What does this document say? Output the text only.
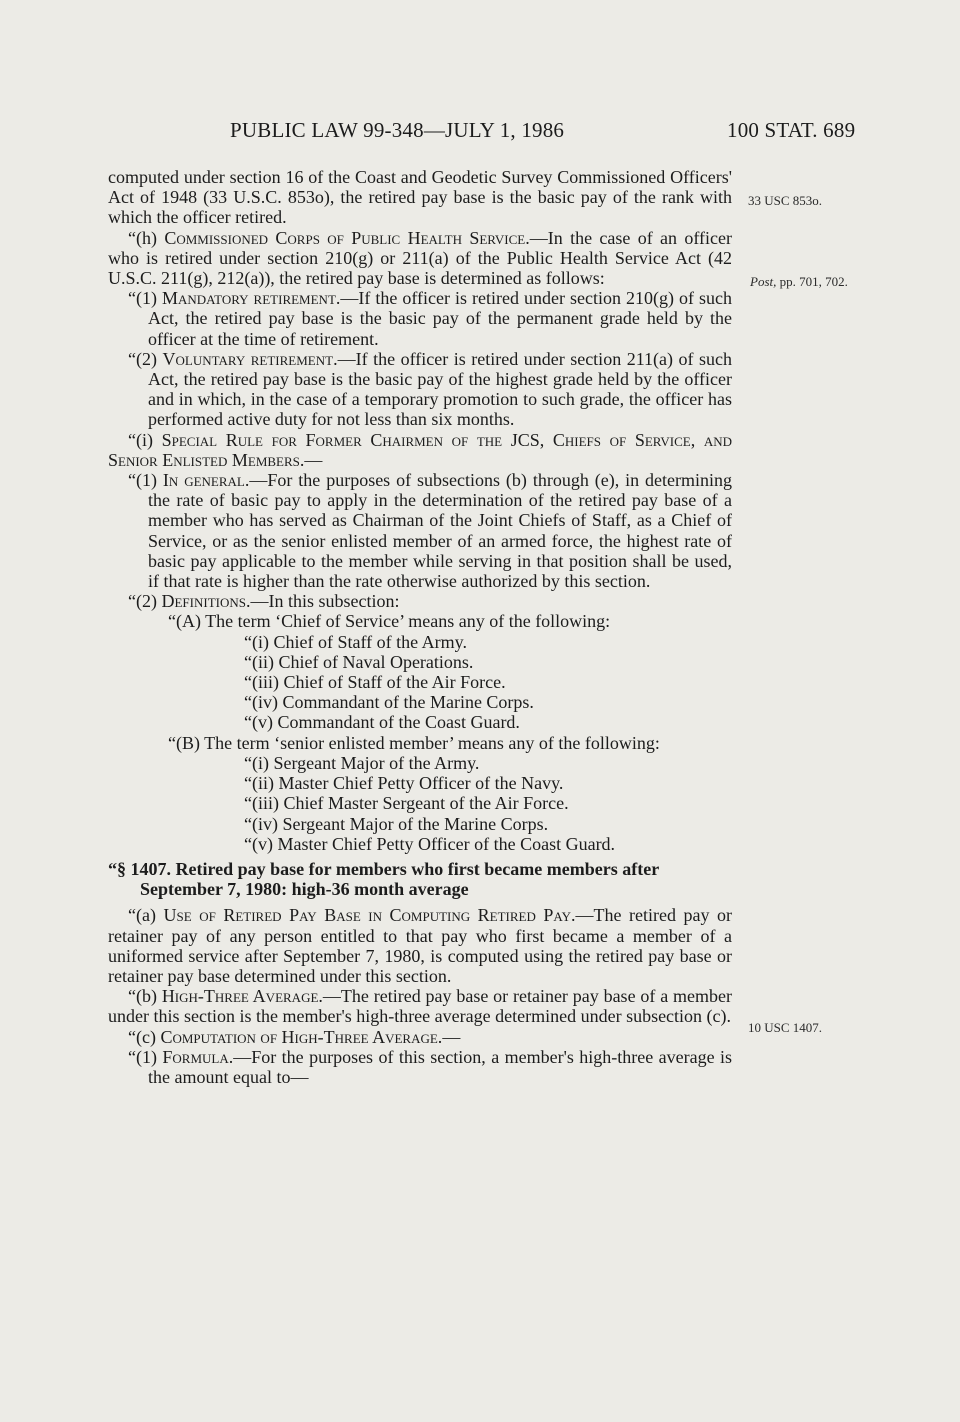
PUBLIC LAW 99-348—JULY 1, 1986	100 STAT. 689
33 USC 853o.
Post, pp. 701, 702.
10 USC 1407.

computed under section 16 of the Coast and Geodetic Survey Commissioned Officers' Act of 1948 (33 U.S.C. 853o), the retired pay base is the basic pay of the rank with which the officer retired.

“(h) Commissioned Corps of Public Health Service.—In the case of an officer who is retired under section 210(g) or 211(a) of the Public Health Service Act (42 U.S.C. 211(g), 212(a)), the retired pay base is determined as follows:

“(1) Mandatory retirement.—If the officer is retired under section 210(g) of such Act, the retired pay base is the basic pay of the permanent grade held by the officer at the time of retirement.

“(2) Voluntary retirement.—If the officer is retired under section 211(a) of such Act, the retired pay base is the basic pay of the highest grade held by the officer and in which, in the case of a temporary promotion to such grade, the officer has performed active duty for not less than six months.

“(i) Special Rule for Former Chairmen of the JCS, Chiefs of Service, and Senior Enlisted Members.—

“(1) In general.—For the purposes of subsections (b) through (e), in determining the rate of basic pay to apply in the determination of the retired pay base of a member who has served as Chairman of the Joint Chiefs of Staff, as a Chief of Service, or as the senior enlisted member of an armed force, the highest rate of basic pay applicable to the member while serving in that position shall be used, if that rate is higher than the rate otherwise authorized by this section.

“(2) Definitions.—In this subsection:

“(A) The term ‘Chief of Service’ means any of the following:

“(i) Chief of Staff of the Army.

“(ii) Chief of Naval Operations.

“(iii) Chief of Staff of the Air Force.

“(iv) Commandant of the Marine Corps.

“(v) Commandant of the Coast Guard.

“(B) The term ‘senior enlisted member’ means any of the following:

“(i) Sergeant Major of the Army.

“(ii) Master Chief Petty Officer of the Navy.

“(iii) Chief Master Sergeant of the Air Force.

“(iv) Sergeant Major of the Marine Corps.

“(v) Master Chief Petty Officer of the Coast Guard.

“§ 1407. Retired pay base for members who first became members after September 7, 1980: high-36 month average

“(a) Use of Retired Pay Base in Computing Retired Pay.—The retired pay or retainer pay of any person entitled to that pay who first became a member of a uniformed service after September 7, 1980, is computed using the retired pay base or retainer pay base determined under this section.

“(b) High-Three Average.—The retired pay base or retainer pay base of a member under this section is the member's high-three average determined under subsection (c).

“(c) Computation of High-Three Average.—

“(1) Formula.—For the purposes of this section, a member's high-three average is the amount equal to—
